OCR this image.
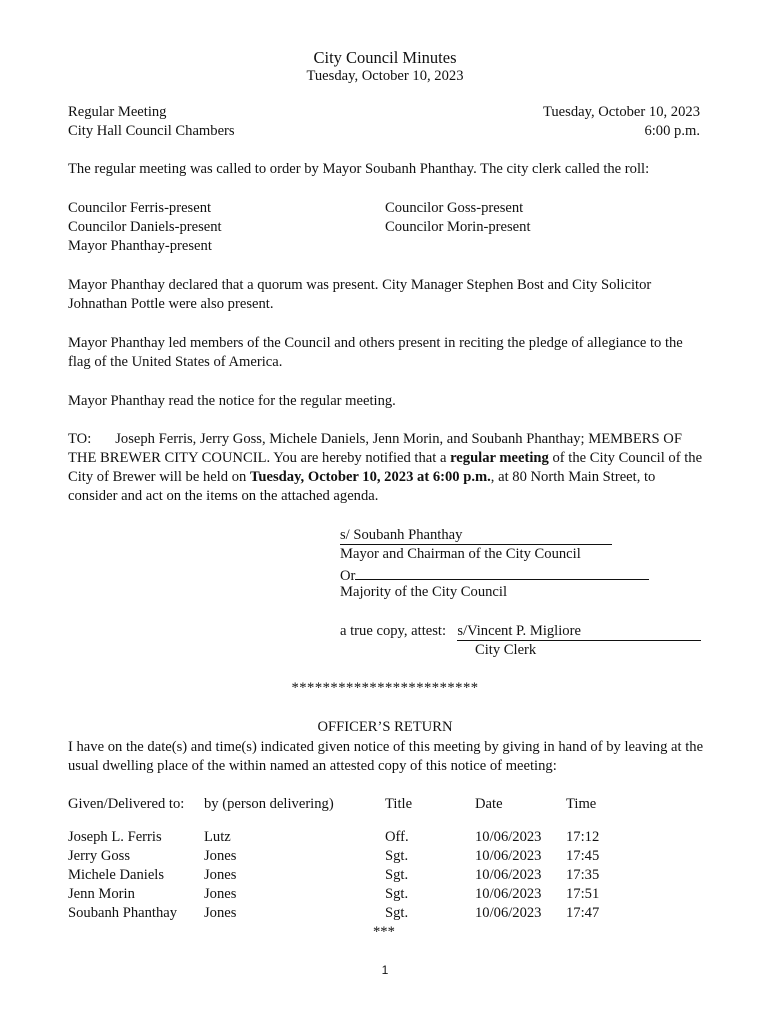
City Council Minutes
Tuesday, October 10, 2023
Regular Meeting
City Hall Council Chambers
Tuesday, October 10, 2023
6:00 p.m.
The regular meeting was called to order by Mayor Soubanh Phanthay. The city clerk called the roll:
Councilor Ferris-present
Councilor Daniels-present
Mayor Phanthay-present
Councilor Goss-present
Councilor Morin-present
Mayor Phanthay declared that a quorum was present. City Manager Stephen Bost and City Solicitor Johnathan Pottle were also present.
Mayor Phanthay led members of the Council and others present in reciting the pledge of allegiance to the flag of the United States of America.
Mayor Phanthay read the notice for the regular meeting.
TO: Joseph Ferris, Jerry Goss, Michele Daniels, Jenn Morin, and Soubanh Phanthay; MEMBERS OF THE BREWER CITY COUNCIL. You are hereby notified that a regular meeting of the City Council of the City of Brewer will be held on Tuesday, October 10, 2023 at 6:00 p.m., at 80 North Main Street, to consider and act on the items on the attached agenda.
s/ Soubanh Phanthay
Mayor and Chairman of the City Council
Or
Majority of the City Council
a true copy, attest: s/Vincent P. Migliore
City Clerk
************************
OFFICER’S RETURN
I have on the date(s) and time(s) indicated given notice of this meeting by giving in hand of by leaving at the usual dwelling place of the within named an attested copy of this notice of meeting:
Given/Delivered to: by (person delivering)	Title	Date	Time
Joseph L. Ferris	Lutz	Off.	10/06/2023 17:12
Jerry Goss	Jones	Sgt.	10/06/2023 17:45
Michele Daniels	Jones	Sgt.	10/06/2023 17:35
Jenn Morin	Jones	Sgt.	10/06/2023 17:51
Soubanh Phanthay Jones	Sgt.	10/06/2023 17:47
***
1
